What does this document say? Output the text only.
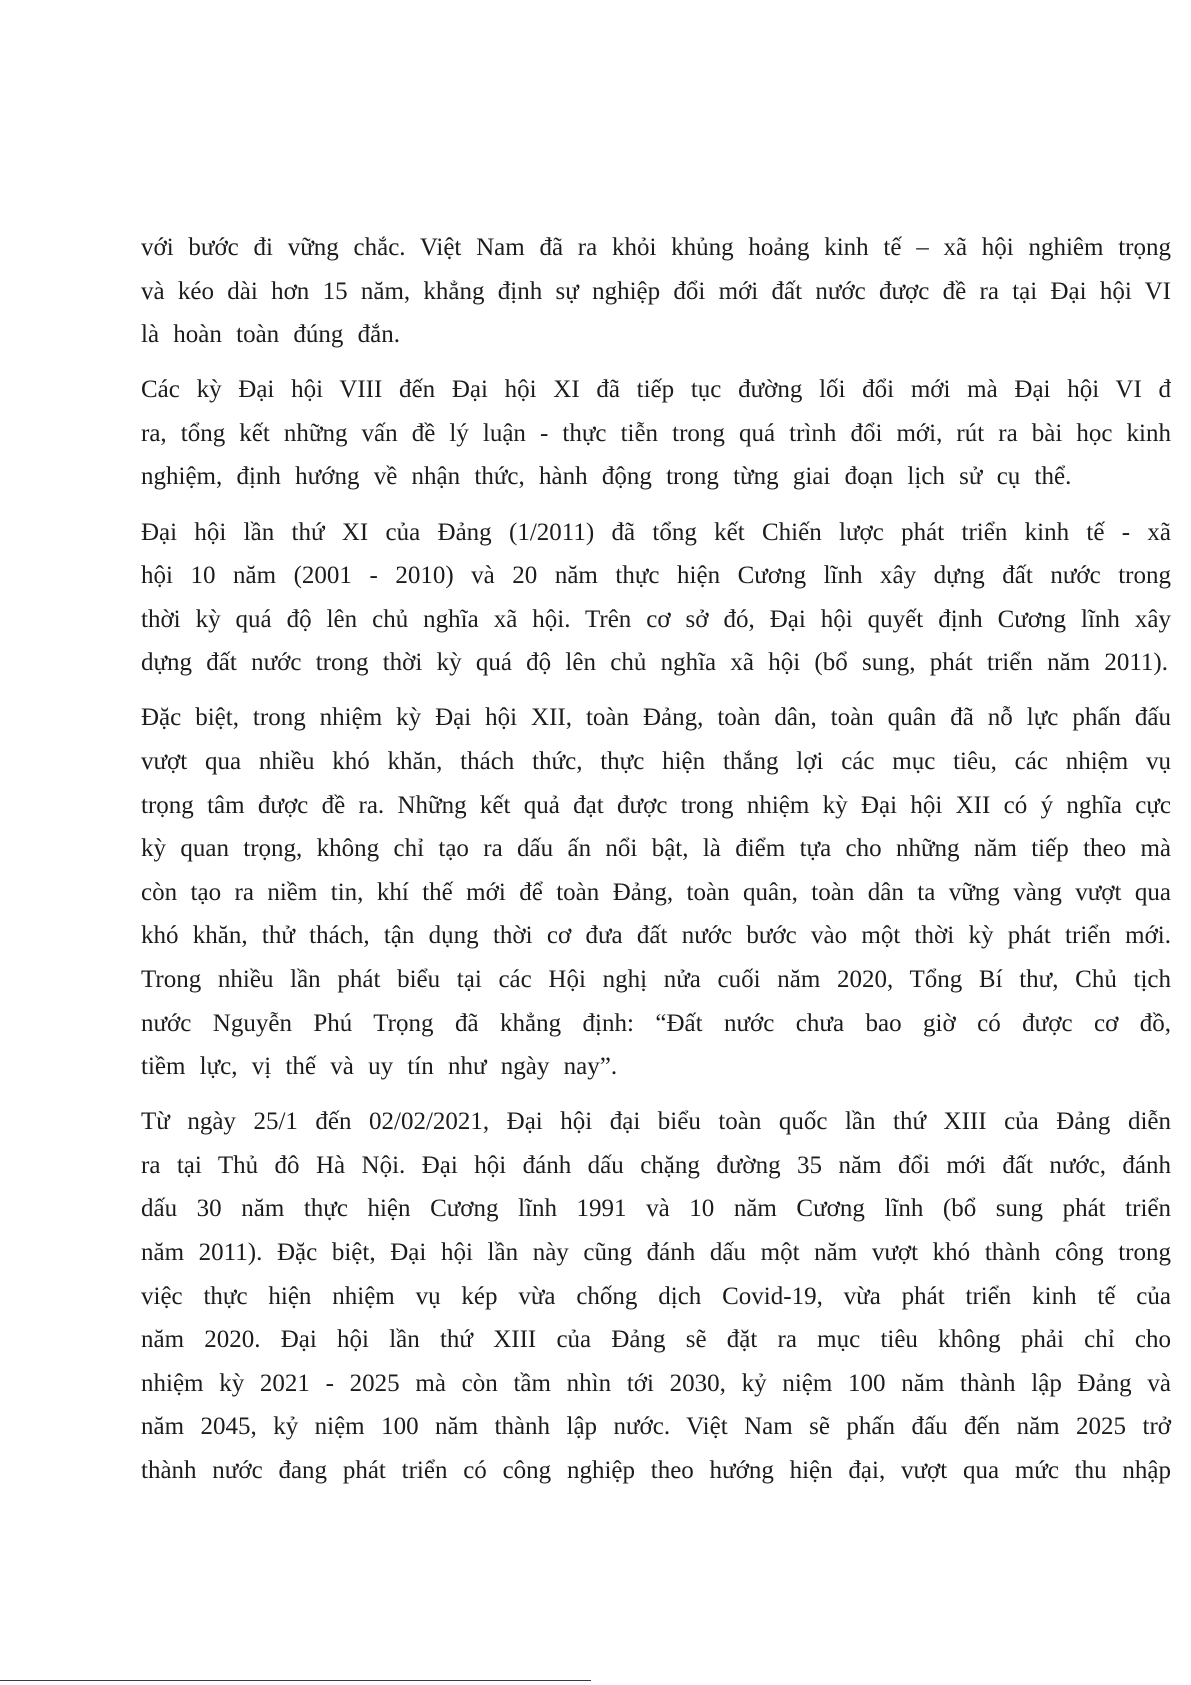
với bước đi vững chắc. Việt Nam đã ra khỏi khủng hoảng kinh tế – xã hội nghiêm trọng
và kéo dài hơn 15 năm, khẳng định sự nghiệp đổi mới đất nước được đề ra tại Đại hội VI
là hoàn toàn đúng đắn.
Các kỳ Đại hội VIII đến Đại hội XI đã tiếp tục đường lối đổi mới mà Đại hội VI đ
ra, tổng kết những vấn đề lý luận - thực tiễn trong quá trình đổi mới, rút ra bài học kinh
nghiệm, định hướng về nhận thức, hành động trong từng giai đoạn lịch sử cụ thể.
Đại hội lần thứ XI của Đảng (1/2011) đã tổng kết Chiến lược phát triển kinh tế - xã
hội 10 năm (2001 - 2010) và 20 năm thực hiện Cương lĩnh xây dựng đất nước trong
thời kỳ quá độ lên chủ nghĩa xã hội. Trên cơ sở đó, Đại hội quyết định Cương lĩnh xây
dựng đất nước trong thời kỳ quá độ lên chủ nghĩa xã hội (bổ sung, phát triển năm 2011).
Đặc biệt, trong nhiệm kỳ Đại hội XII, toàn Đảng, toàn dân, toàn quân đã nỗ lực phấn đấu
vượt qua nhiều khó khăn, thách thức, thực hiện thắng lợi các mục tiêu, các nhiệm vụ
trọng tâm được đề ra. Những kết quả đạt được trong nhiệm kỳ Đại hội XII có ý nghĩa cực
kỳ quan trọng, không chỉ tạo ra dấu ấn nổi bật, là điểm tựa cho những năm tiếp theo mà
còn tạo ra niềm tin, khí thế mới để toàn Đảng, toàn quân, toàn dân ta vững vàng vượt qua
khó khăn, thử thách, tận dụng thời cơ đưa đất nước bước vào một thời kỳ phát triển mới.
Trong nhiều lần phát biểu tại các Hội nghị nửa cuối năm 2020, Tổng Bí thư, Chủ tịch
nước Nguyễn Phú Trọng đã khẳng định: “Đất nước chưa bao giờ có được cơ đồ,
tiềm lực, vị thế và uy tín như ngày nay”.
Từ ngày 25/1 đến 02/02/2021, Đại hội đại biểu toàn quốc lần thứ XIII của Đảng diễn
ra tại Thủ đô Hà Nội. Đại hội đánh dấu chặng đường 35 năm đổi mới đất nước, đánh
dấu 30 năm thực hiện Cương lĩnh 1991 và 10 năm Cương lĩnh (bổ sung phát triển
năm 2011). Đặc biệt, Đại hội lần này cũng đánh dấu một năm vượt khó thành công trong
việc thực hiện nhiệm vụ kép vừa chống dịch Covid-19, vừa phát triển kinh tế của
năm 2020. Đại hội lần thứ XIII của Đảng sẽ đặt ra mục tiêu không phải chỉ cho
nhiệm kỳ 2021 - 2025 mà còn tầm nhìn tới 2030, kỷ niệm 100 năm thành lập Đảng và
năm 2045, kỷ niệm 100 năm thành lập nước. Việt Nam sẽ phấn đấu đến năm 2025 trở
thành nước đang phát triển có công nghiệp theo hướng hiện đại, vượt qua mức thu nhập
